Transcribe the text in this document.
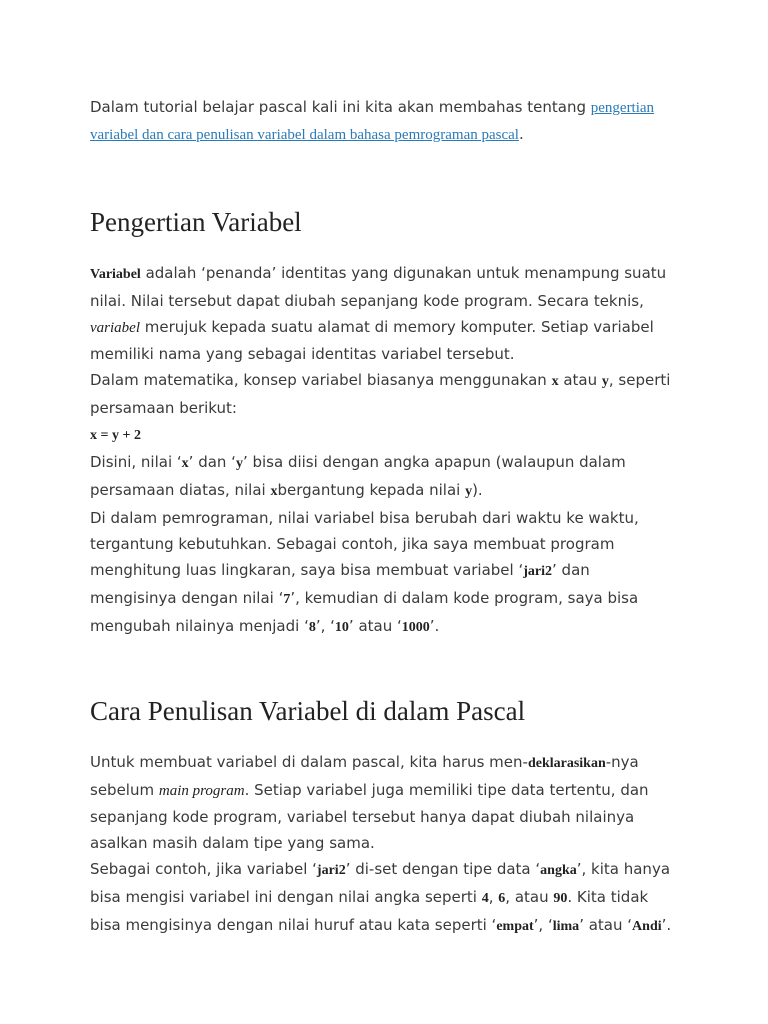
Dalam tutorial belajar pascal kali ini kita akan membahas tentang pengertian variabel dan cara penulisan variabel dalam bahasa pemrograman pascal.

Pengertian Variabel

Variabel adalah ‘penanda’ identitas yang digunakan untuk menampung suatu nilai. Nilai tersebut dapat diubah sepanjang kode program. Secara teknis, variabel merujuk kepada suatu alamat di memory komputer. Setiap variabel memiliki nama yang sebagai identitas variabel tersebut.

Dalam matematika, konsep variabel biasanya menggunakan x atau y, seperti persamaan berikut:

x = y + 2

Disini, nilai ‘x’ dan ‘y’ bisa diisi dengan angka apapun (walaupun dalam persamaan diatas, nilai xbergantung kepada nilai y).

Di dalam pemrograman, nilai variabel bisa berubah dari waktu ke waktu, tergantung kebutuhkan. Sebagai contoh, jika saya membuat program menghitung luas lingkaran, saya bisa membuat variabel ‘jari2’ dan mengisinya dengan nilai ‘7’, kemudian di dalam kode program, saya bisa mengubah nilainya menjadi ‘8’, ‘10’ atau ‘1000’.

Cara Penulisan Variabel di dalam Pascal

Untuk membuat variabel di dalam pascal, kita harus men-deklarasikan-nya sebelum main program. Setiap variabel juga memiliki tipe data tertentu, dan sepanjang kode program, variabel tersebut hanya dapat diubah nilainya asalkan masih dalam tipe yang sama.

Sebagai contoh, jika variabel ‘jari2’ di-set dengan tipe data ‘angka’, kita hanya bisa mengisi variabel ini dengan nilai angka seperti 4, 6, atau 90. Kita tidak bisa mengisinya dengan nilai huruf atau kata seperti ‘empat’, ‘lima’ atau ‘Andi’.
